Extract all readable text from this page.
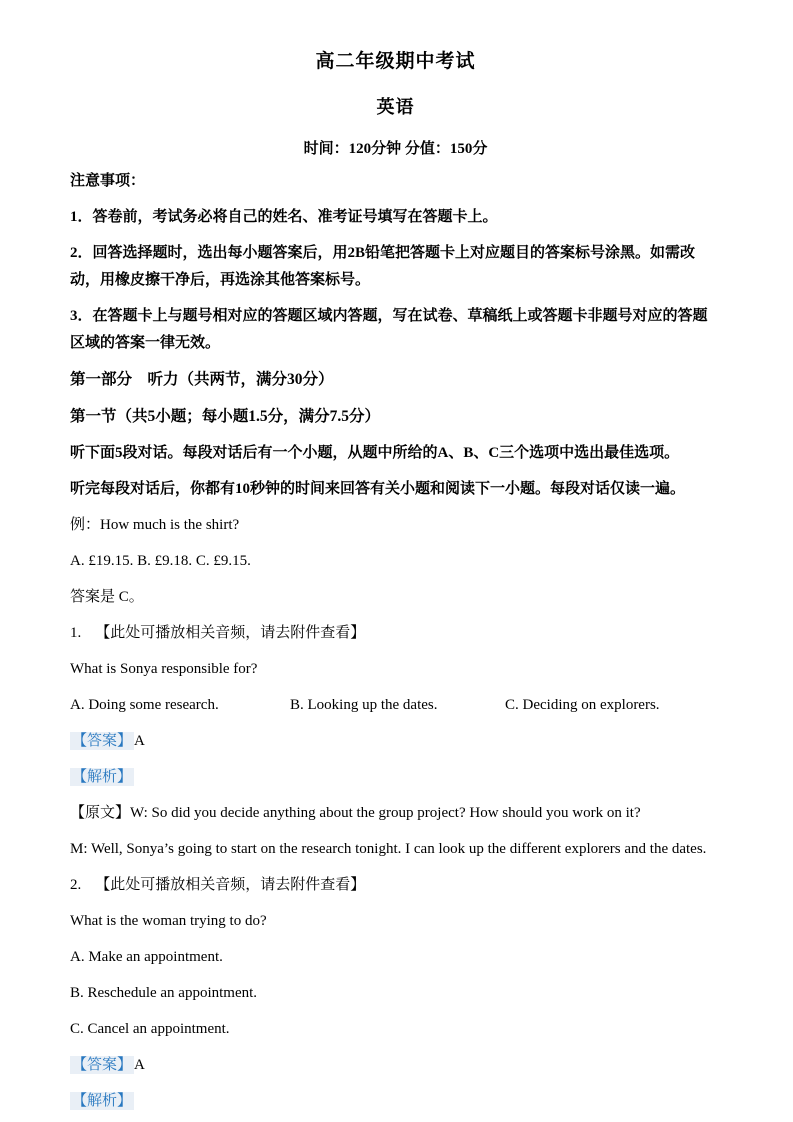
高二年级期中考试
英语
时间：120分钟 分值：150分

注意事项：

1．答卷前，考试务必将自己的姓名、准考证号填写在答题卡上。

2．回答选择题时，选出每小题答案后，用2B铅笔把答题卡上对应题目的答案标号涂黑。如需改动，用橡皮擦干净后，再选涂其他答案标号。

3．在答题卡上与题号相对应的答题区域内答题，写在试卷、草稿纸上或答题卡非题号对应的答题区域的答案一律无效。

第一部分　听力（共两节，满分30分）

第一节（共5小题；每小题1.5分，满分7.5分）

听下面5段对话。每段对话后有一个小题，从题中所给的A、B、C三个选项中选出最佳选项。

听完每段对话后，你都有10秒钟的时间来回答有关小题和阅读下一小题。每段对话仅读一遍。

例：How much is the shirt?

A. £19.15. B. £9.18. C. £9.15.

答案是 C。

1. 【此处可播放相关音频，请去附件查看】

What is Sonya responsible for?

A. Doing some research.	B. Looking up the dates.	C. Deciding on explorers.

【答案】 A

【解析】

【原文】W: So did you decide anything about the group project? How should you work on it?

M: Well, Sonya’s going to start on the research tonight. I can look up the different explorers and the dates.

2. 【此处可播放相关音频，请去附件查看】

What is the woman trying to do?

A. Make an appointment.

B. Reschedule an appointment.

C. Cancel an appointment.

【答案】 A

【解析】
